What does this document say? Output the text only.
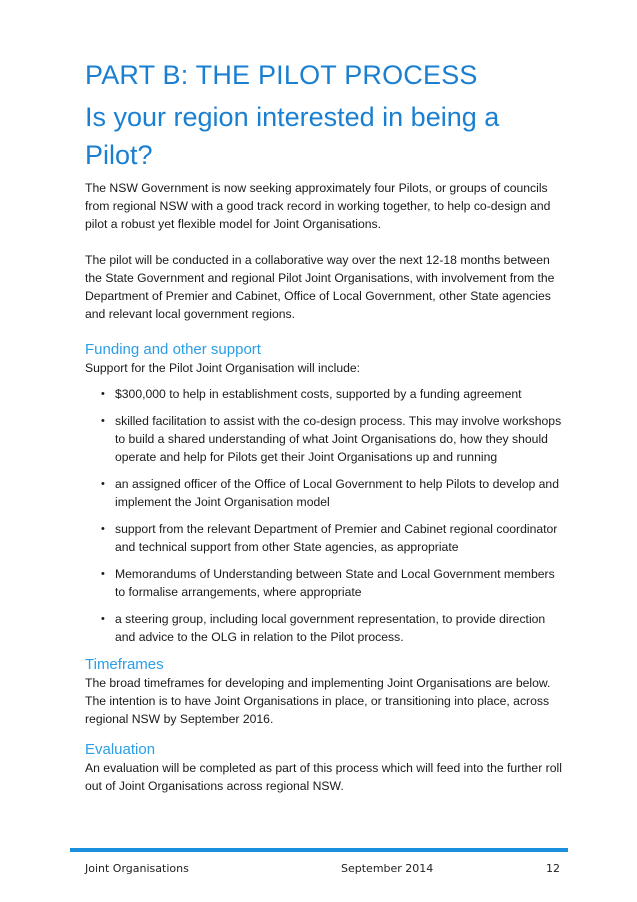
PART B: THE PILOT PROCESS
Is your region interested in being a Pilot?

The NSW Government is now seeking approximately four Pilots, or groups of councils from regional NSW with a good track record in working together, to help co-design and pilot a robust yet flexible model for Joint Organisations.

The pilot will be conducted in a collaborative way over the next 12-18 months between the State Government and regional Pilot Joint Organisations, with involvement from the Department of Premier and Cabinet, Office of Local Government, other State agencies and relevant local government regions.

Funding and other support

Support for the Pilot Joint Organisation will include:

• $300,000 to help in establishment costs, supported by a funding agreement
• skilled facilitation to assist with the co-design process. This may involve workshops to build a shared understanding of what Joint Organisations do, how they should operate and help for Pilots get their Joint Organisations up and running
• an assigned officer of the Office of Local Government to help Pilots to develop and implement the Joint Organisation model
• support from the relevant Department of Premier and Cabinet regional coordinator and technical support from other State agencies, as appropriate
• Memorandums of Understanding between State and Local Government members to formalise arrangements, where appropriate
• a steering group, including local government representation, to provide direction and advice to the OLG in relation to the Pilot process.
Timeframes

The broad timeframes for developing and implementing Joint Organisations are below. The intention is to have Joint Organisations in place, or transitioning into place, across regional NSW by September 2016.

Evaluation

An evaluation will be completed as part of this process which will feed into the further roll out of Joint Organisations across regional NSW.

Joint Organisations	September 2014	12
